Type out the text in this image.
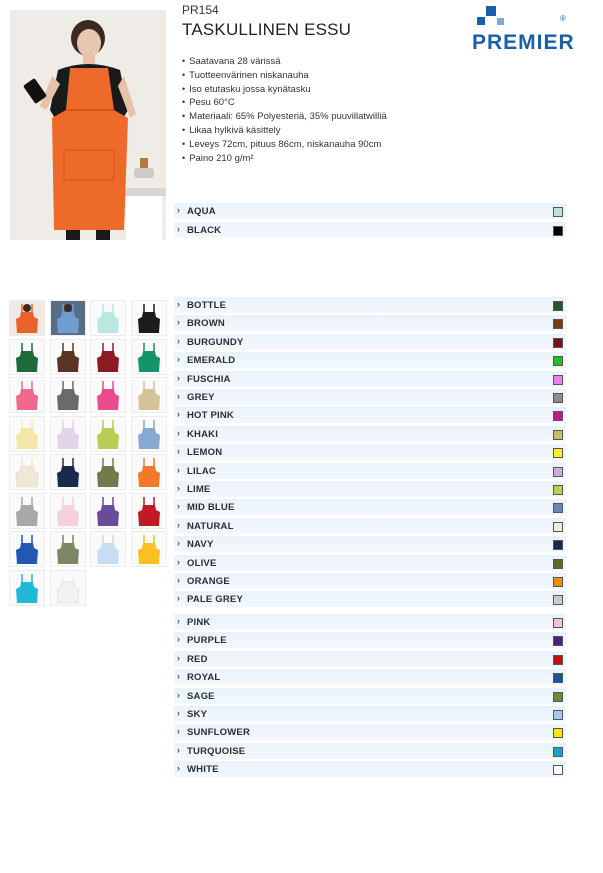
PR154
TASKULLINEN ESSU
PREMIER
®
• Saatavana 28 värissä
• Tuotteenvärinen niskanauha
• Iso etutasku jossa kynätasku
• Pesu 60°C
• Materiaali: 65% Polyesteriä, 35% puuvillatwilliä
• Likaa hylkivä käsittely
• Leveys 72cm, pituus 86cm, niskanauha 90cm
• Paino 210 g/m²
› AQUA
› BLACK
› BOTTLE
› BROWN
› BURGUNDY
› EMERALD
› FUSCHIA
› GREY
› HOT PINK
› KHAKI
› LEMON
› LILAC
› LIME
› MID BLUE
› NATURAL
› NAVY
› OLIVE
› ORANGE
› PALE GREY
› PINK
› PURPLE
› RED
› ROYAL
› SAGE
› SKY
› SUNFLOWER
› TURQUOISE
› WHITE
